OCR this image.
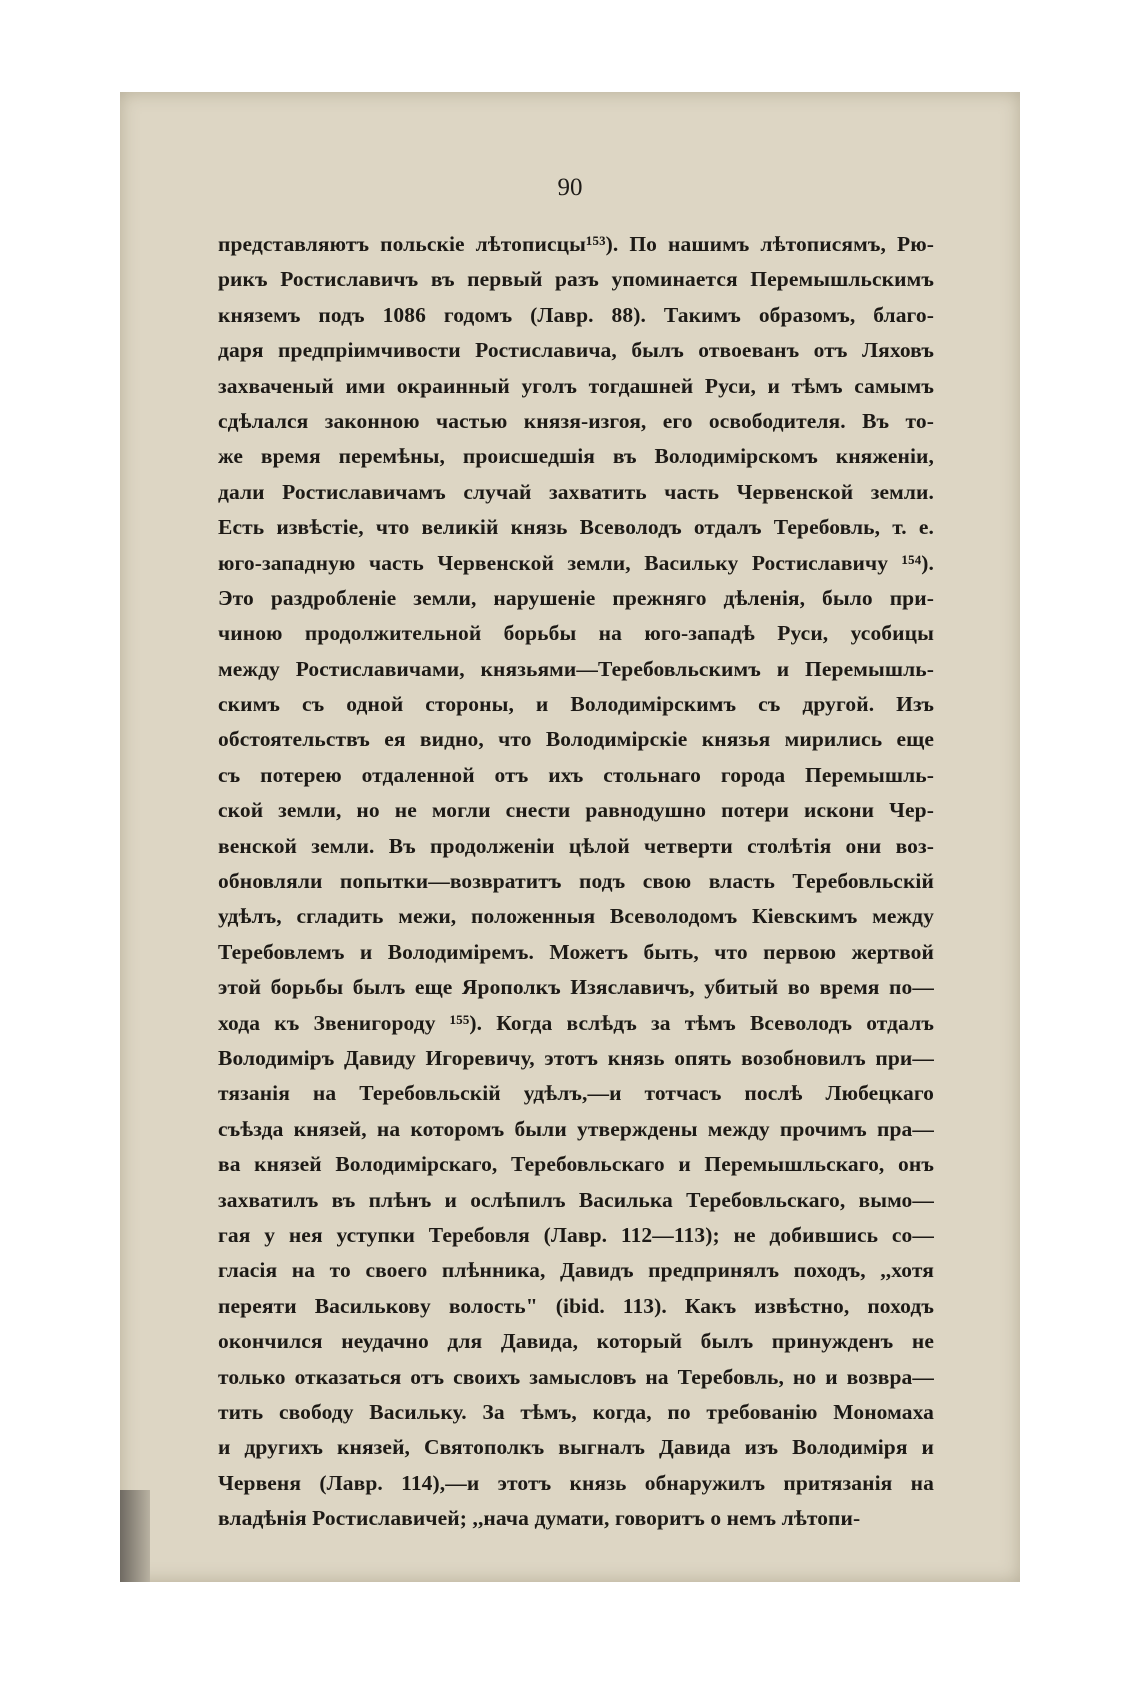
90
представляютъ польскіе лѣтописцы¹⁵³). По нашимъ лѣтописямъ, Рю-
рикъ Ростиславичъ въ первый разъ упоминается Перемышльскимъ
княземъ подъ 1086 годомъ (Лавр. 88). Такимъ образомъ, благо-
даря предпріимчивости Ростиславича, былъ отвоеванъ отъ Ляховъ
захваченый ими окраинный уголъ тогдашней Руси, и тѣмъ самымъ
сдѣлался законною частью князя-изгоя, его освободителя. Въ то-
же время перемѣны, происшедшія въ Володимірскомъ княженіи,
дали Ростиславичамъ случай захватить часть Червенской земли.
Есть извѣстіе, что великій князь Всеволодъ отдалъ Теребовль, т. е.
юго-западную часть Червенской земли, Васильку Ростиславичу ¹⁵⁴).
Это раздробленіе земли, нарушеніе прежняго дѣленія, было при-
чиною продолжительной борьбы на юго-западѣ Руси, усобицы
между Ростиславичами, князьями—Теребовльскимъ и Перемышль-
скимъ съ одной стороны, и Володимірскимъ съ другой. Изъ
обстоятельствъ ея видно, что Володимірскіе князья мирились еще
съ потерею отдаленной отъ ихъ стольнаго города Перемышль-
ской земли, но не могли снести равнодушно потери искони Чер-
венской земли. Въ продолженіи цѣлой четверти столѣтія они воз-
обновляли попытки—возвратитъ подъ свою власть Теребовльскій
удѣлъ, сгладить межи, положенныя Всеволодомъ Кіевскимъ между
Теребовлемъ и Володиміремъ. Можетъ быть, что первою жертвой
этой борьбы былъ еще Ярополкъ Изяславичъ, убитый во время по—
хода къ Звенигороду ¹⁵⁵). Когда вслѣдъ за тѣмъ Всеволодъ отдалъ
Володиміръ Давиду Игоревичу, этотъ князь опять возобновилъ при—
тязанія на Теребовльскій удѣлъ,—и тотчасъ послѣ Любецкаго
съѣзда князей, на которомъ были утверждены между прочимъ пра—
ва князей Володимірскаго, Теребовльскаго и Перемышльскаго, онъ
захватилъ въ плѣнъ и ослѣпилъ Василька Теребовльскаго, вымо—
гая у нея уступки Теребовля (Лавр. 112—113); не добившись со—
гласія на то своего плѣнника, Давидъ предпринялъ походъ, ,,хотя
переяти Васильковy волость" (ibid. 113). Какъ извѣстно, походъ
окончился неудачно для Давида, который былъ принужденъ не
только отказаться отъ своихъ замысловъ на Теребовль, но и возвра—
тить свободу Васильку. За тѣмъ, когда, по требованію Мономаха
и другихъ князей, Святополкъ выгналъ Давида изъ Володиміря и
Червеня (Лавр. 114),—и этотъ князь обнаружилъ притязанія на
владѣнія Ростиславичей; ,,нача думати, говоритъ о немъ лѣтопи-
